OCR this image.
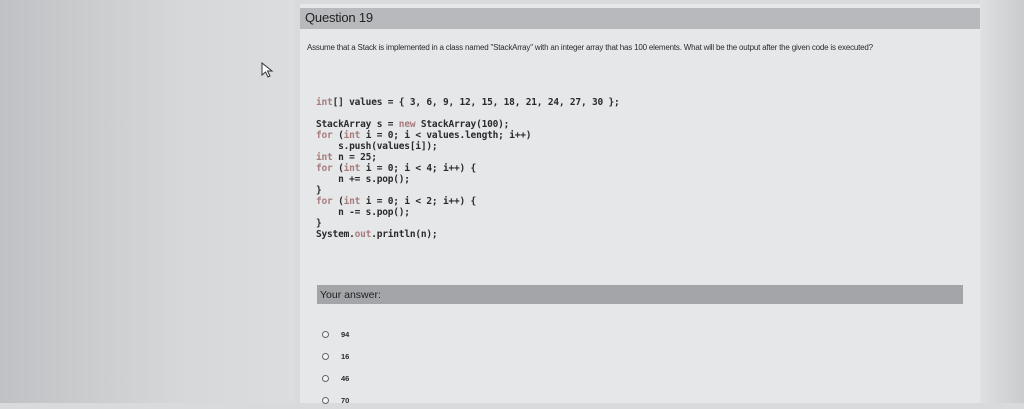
Question 19
Assume that a Stack is implemented in a class named "StackArray" with an integer array that has 100 elements. What will be the output after the given code is executed?
int[] values = { 3, 6, 9, 12, 15, 18, 21, 24, 27, 30 };

StackArray s = new StackArray(100);
for (int i = 0; i < values.length; i++)
s.push(values[i]);
int n = 25;
for (int i = 0; i < 4; i++) {
n += s.pop();
}
for (int i = 0; i < 2; i++) {
n -= s.pop();
}
System.out.println(n);
Your answer:
94
16
46
70
